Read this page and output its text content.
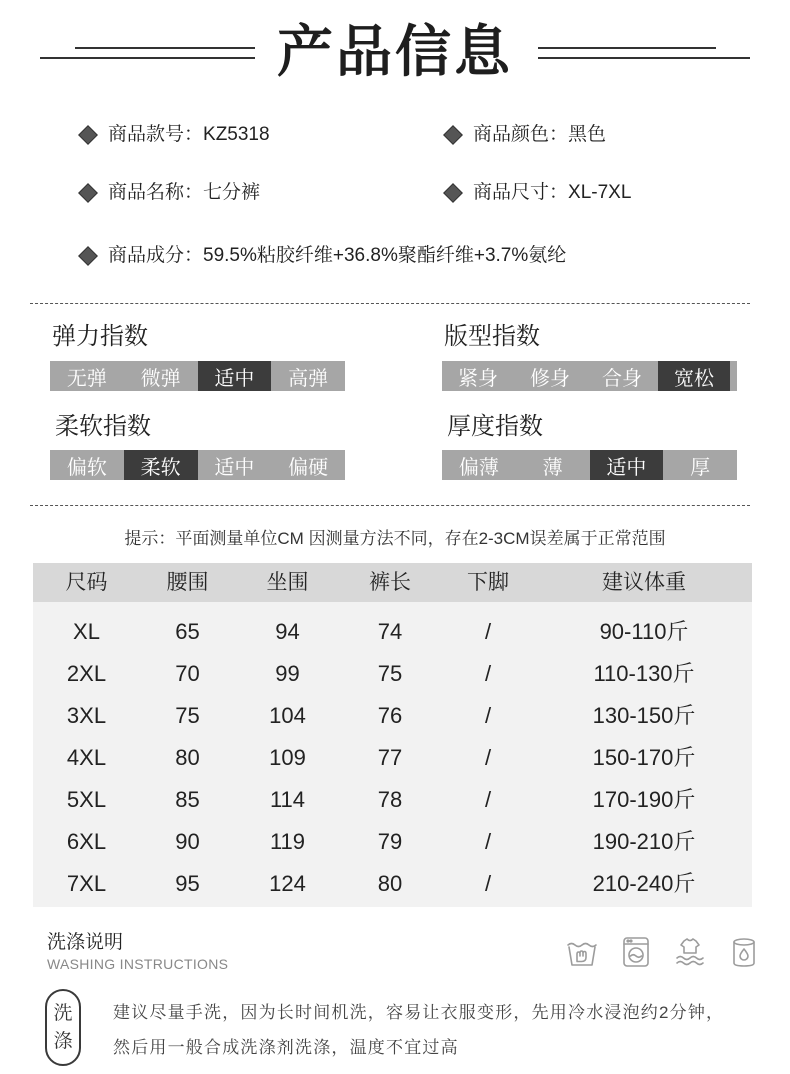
产品信息
商品款号： KZ5318	商品颜色： 黑色
商品名称： 七分裤	商品尺寸： XL-7XL
商品成分： 59.5%粘胶纤维+36.8%聚酯纤维+3.7%氨纶
弹力指数
无弹	微弹	适中	高弹
版型指数
紧身	修身	合身	宽松
柔软指数
偏软	柔软	适中	偏硬
厚度指数
偏薄	薄	适中	厚
提示：平面测量单位CM 因测量方法不同，存在2-3CM误差属于正常范围
尺码	腰围	坐围	裤长	下脚	建议体重
XL	65	94	74	/	90-110斤
2XL	70	99	75	/	110-130斤
3XL	75	104	76	/	130-150斤
4XL	80	109	77	/	150-170斤
5XL	85	114	78	/	170-190斤
6XL	90	119	79	/	190-210斤
7XL	95	124	80	/	210-240斤
洗涤说明
WASHING INSTRUCTIONS
洗
涤
建议尽量手洗，因为长时间机洗，容易让衣服变形，先用冷水浸泡约2分钟，
然后用一般合成洗涤剂洗涤，温度不宜过高
